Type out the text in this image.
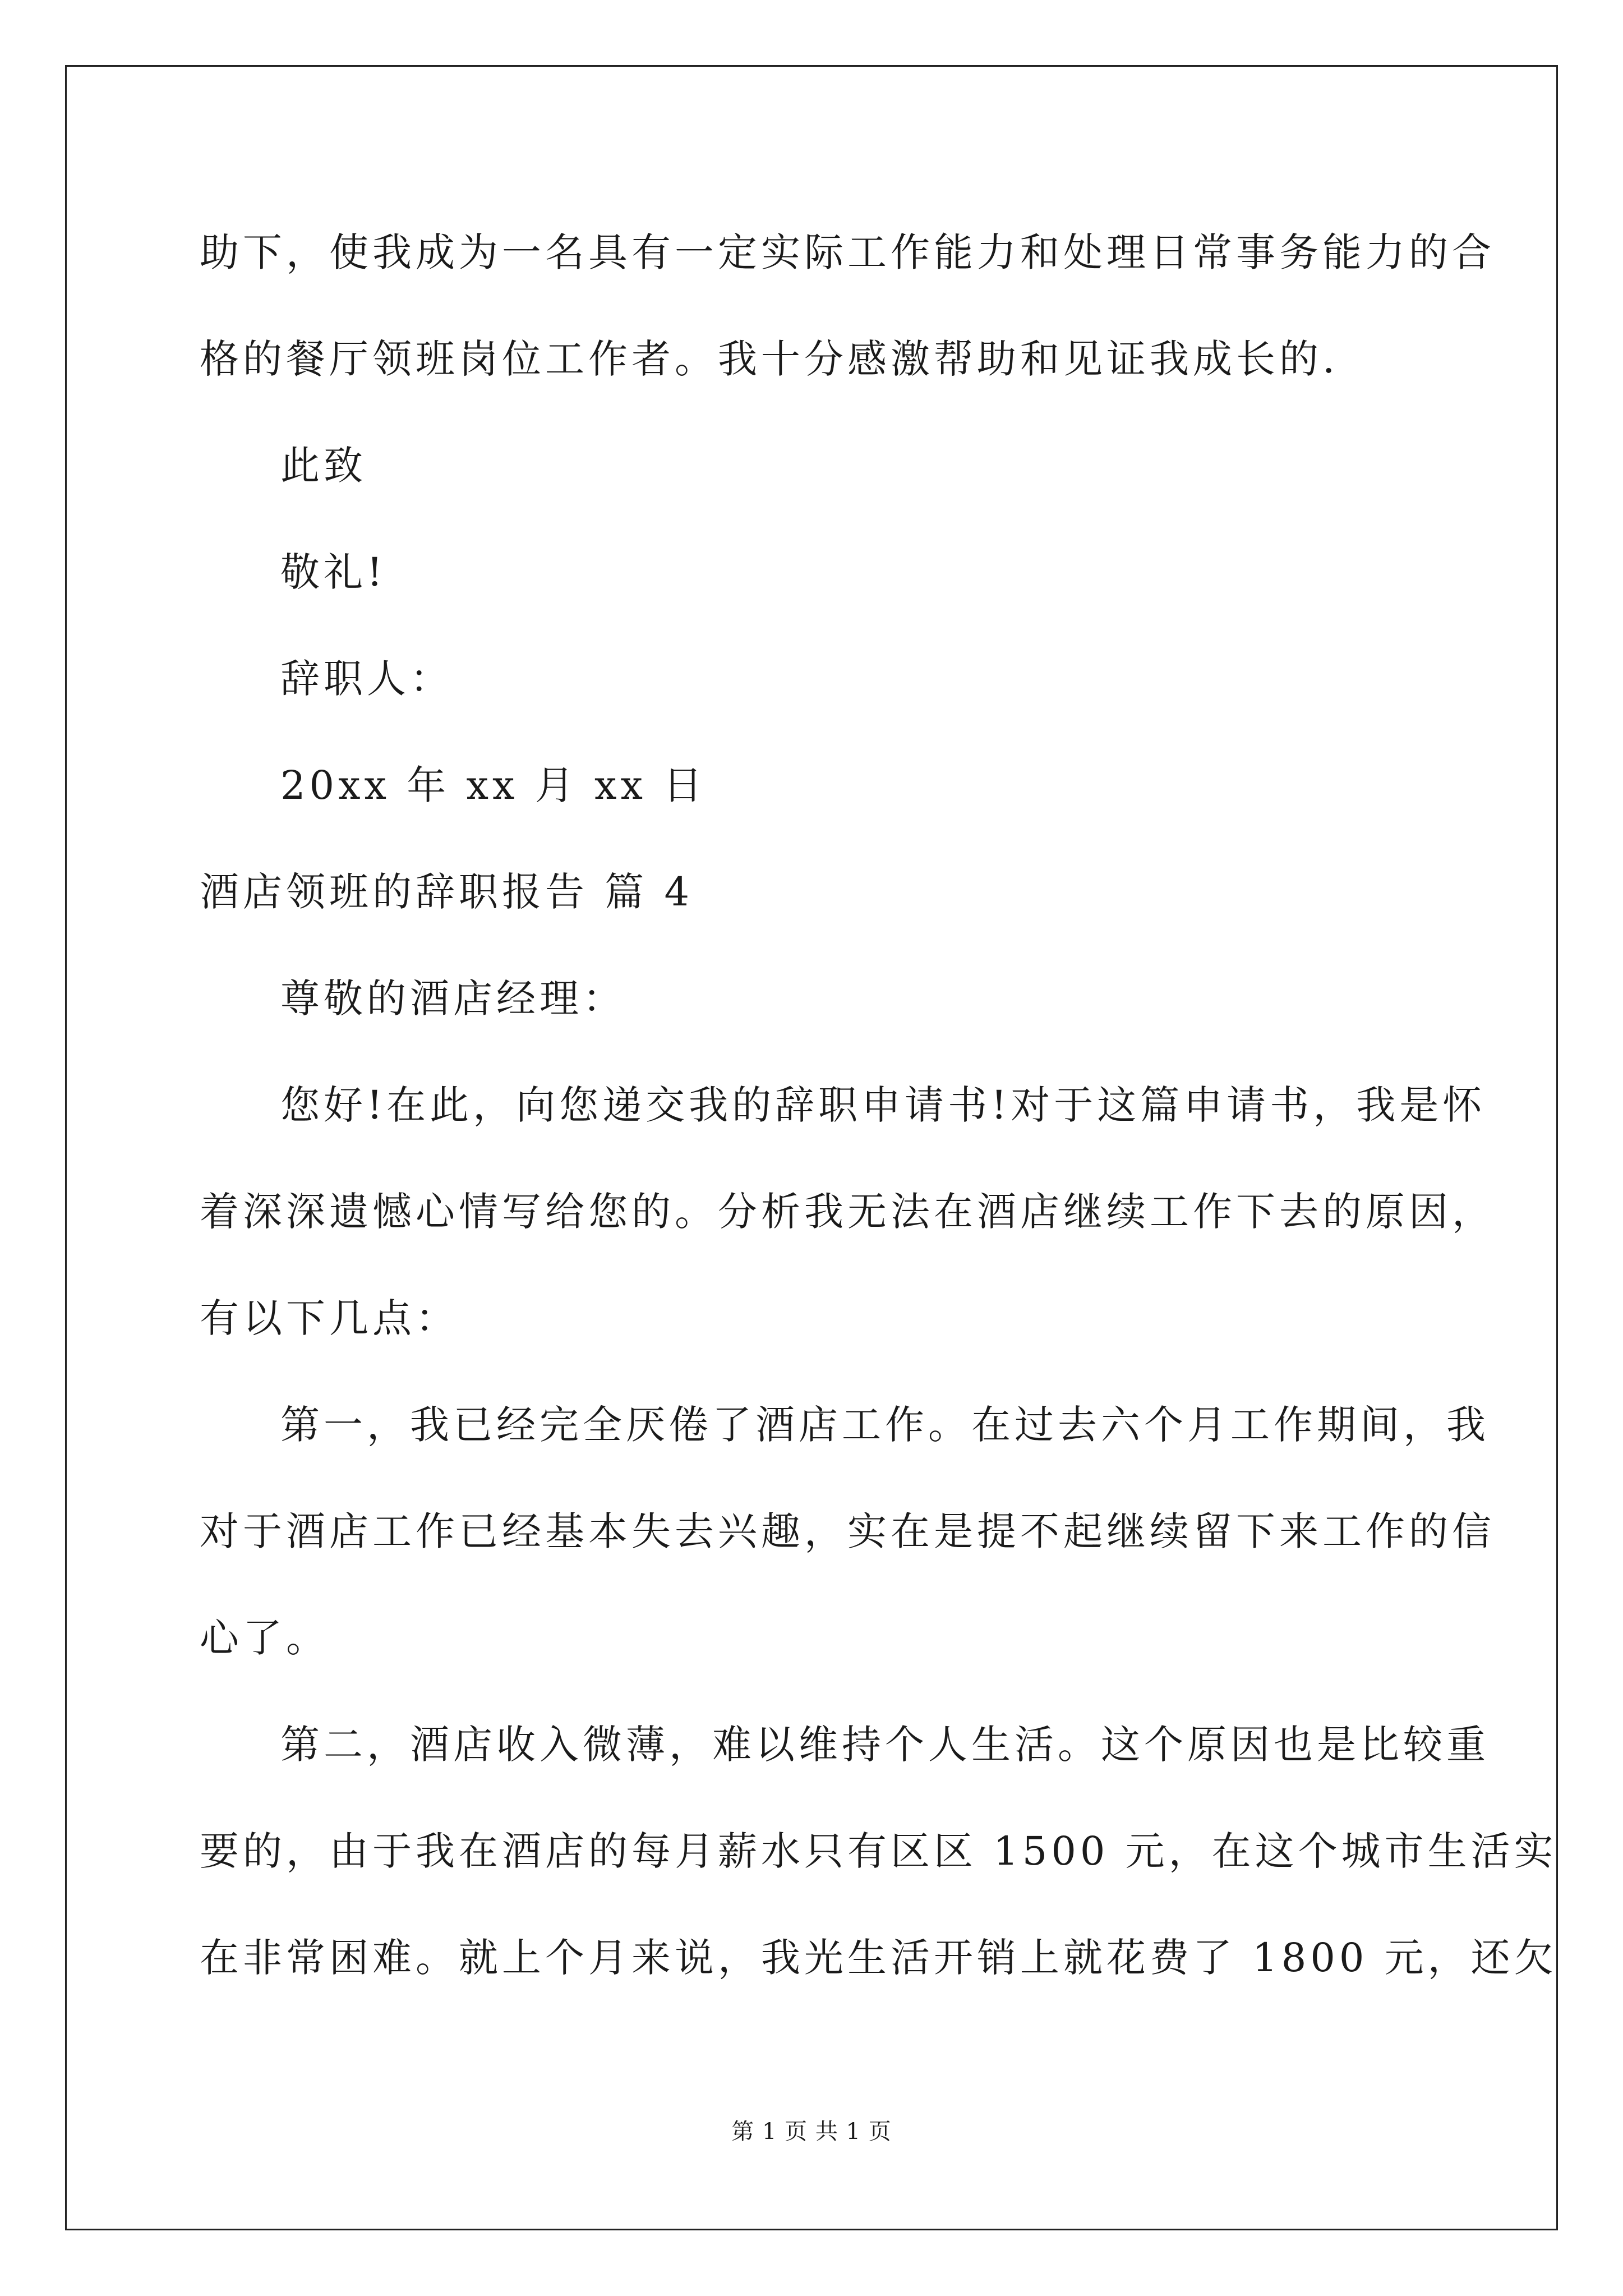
助下，使我成为一名具有一定实际工作能力和处理日常事务能力的合
格的餐厅领班岗位工作者。我十分感激帮助和见证我成长的.
此致
敬礼!
辞职人：
20xx 年 xx 月 xx 日
酒店领班的辞职报告 篇 4
尊敬的酒店经理：
您好!在此，向您递交我的辞职申请书!对于这篇申请书，我是怀
着深深遗憾心情写给您的。分析我无法在酒店继续工作下去的原因，
有以下几点：
第一，我已经完全厌倦了酒店工作。在过去六个月工作期间，我
对于酒店工作已经基本失去兴趣，实在是提不起继续留下来工作的信
心了。
第二，酒店收入微薄，难以维持个人生活。这个原因也是比较重
要的，由于我在酒店的每月薪水只有区区 1500 元，在这个城市生活实
在非常困难。就上个月来说，我光生活开销上就花费了 1800 元，还欠
第 1 页 共 1 页
